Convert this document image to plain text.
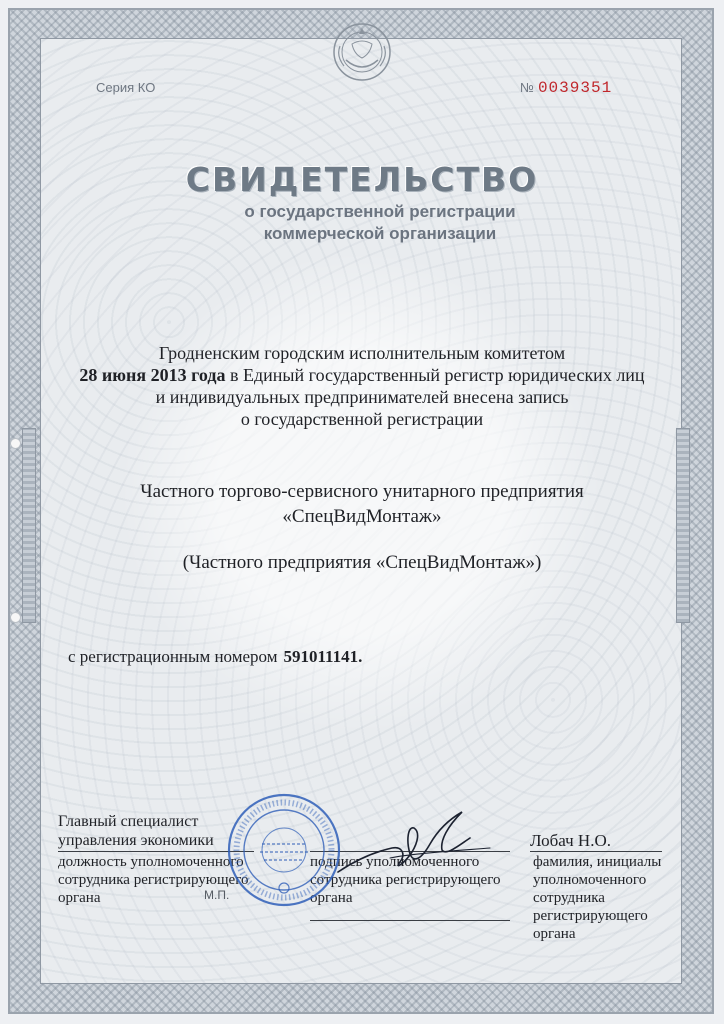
Серия КО	№ 0039351
СВИДЕТЕЛЬСТВО
о государственной регистрации
коммерческой организации
Гродненским городским исполнительным комитетом
28 июня 2013 года в Единый государственный регистр юридических лиц
и индивидуальных предпринимателей внесена запись
о государственной регистрации
Частного торгово-сервисного унитарного предприятия
«СпецВидМонтаж»
(Частного предприятия «СпецВидМонтаж»)
с регистрационным номером 591011141.
Главный специалист
управления экономики
должность уполномоченного
сотрудника регистрирующего
органа
подпись уполномоченного
сотрудника регистрирующего
органа
Лобач Н.О.
фамилия, инициалы
уполномоченного
сотрудника
регистрирующего
органа
М.П.
